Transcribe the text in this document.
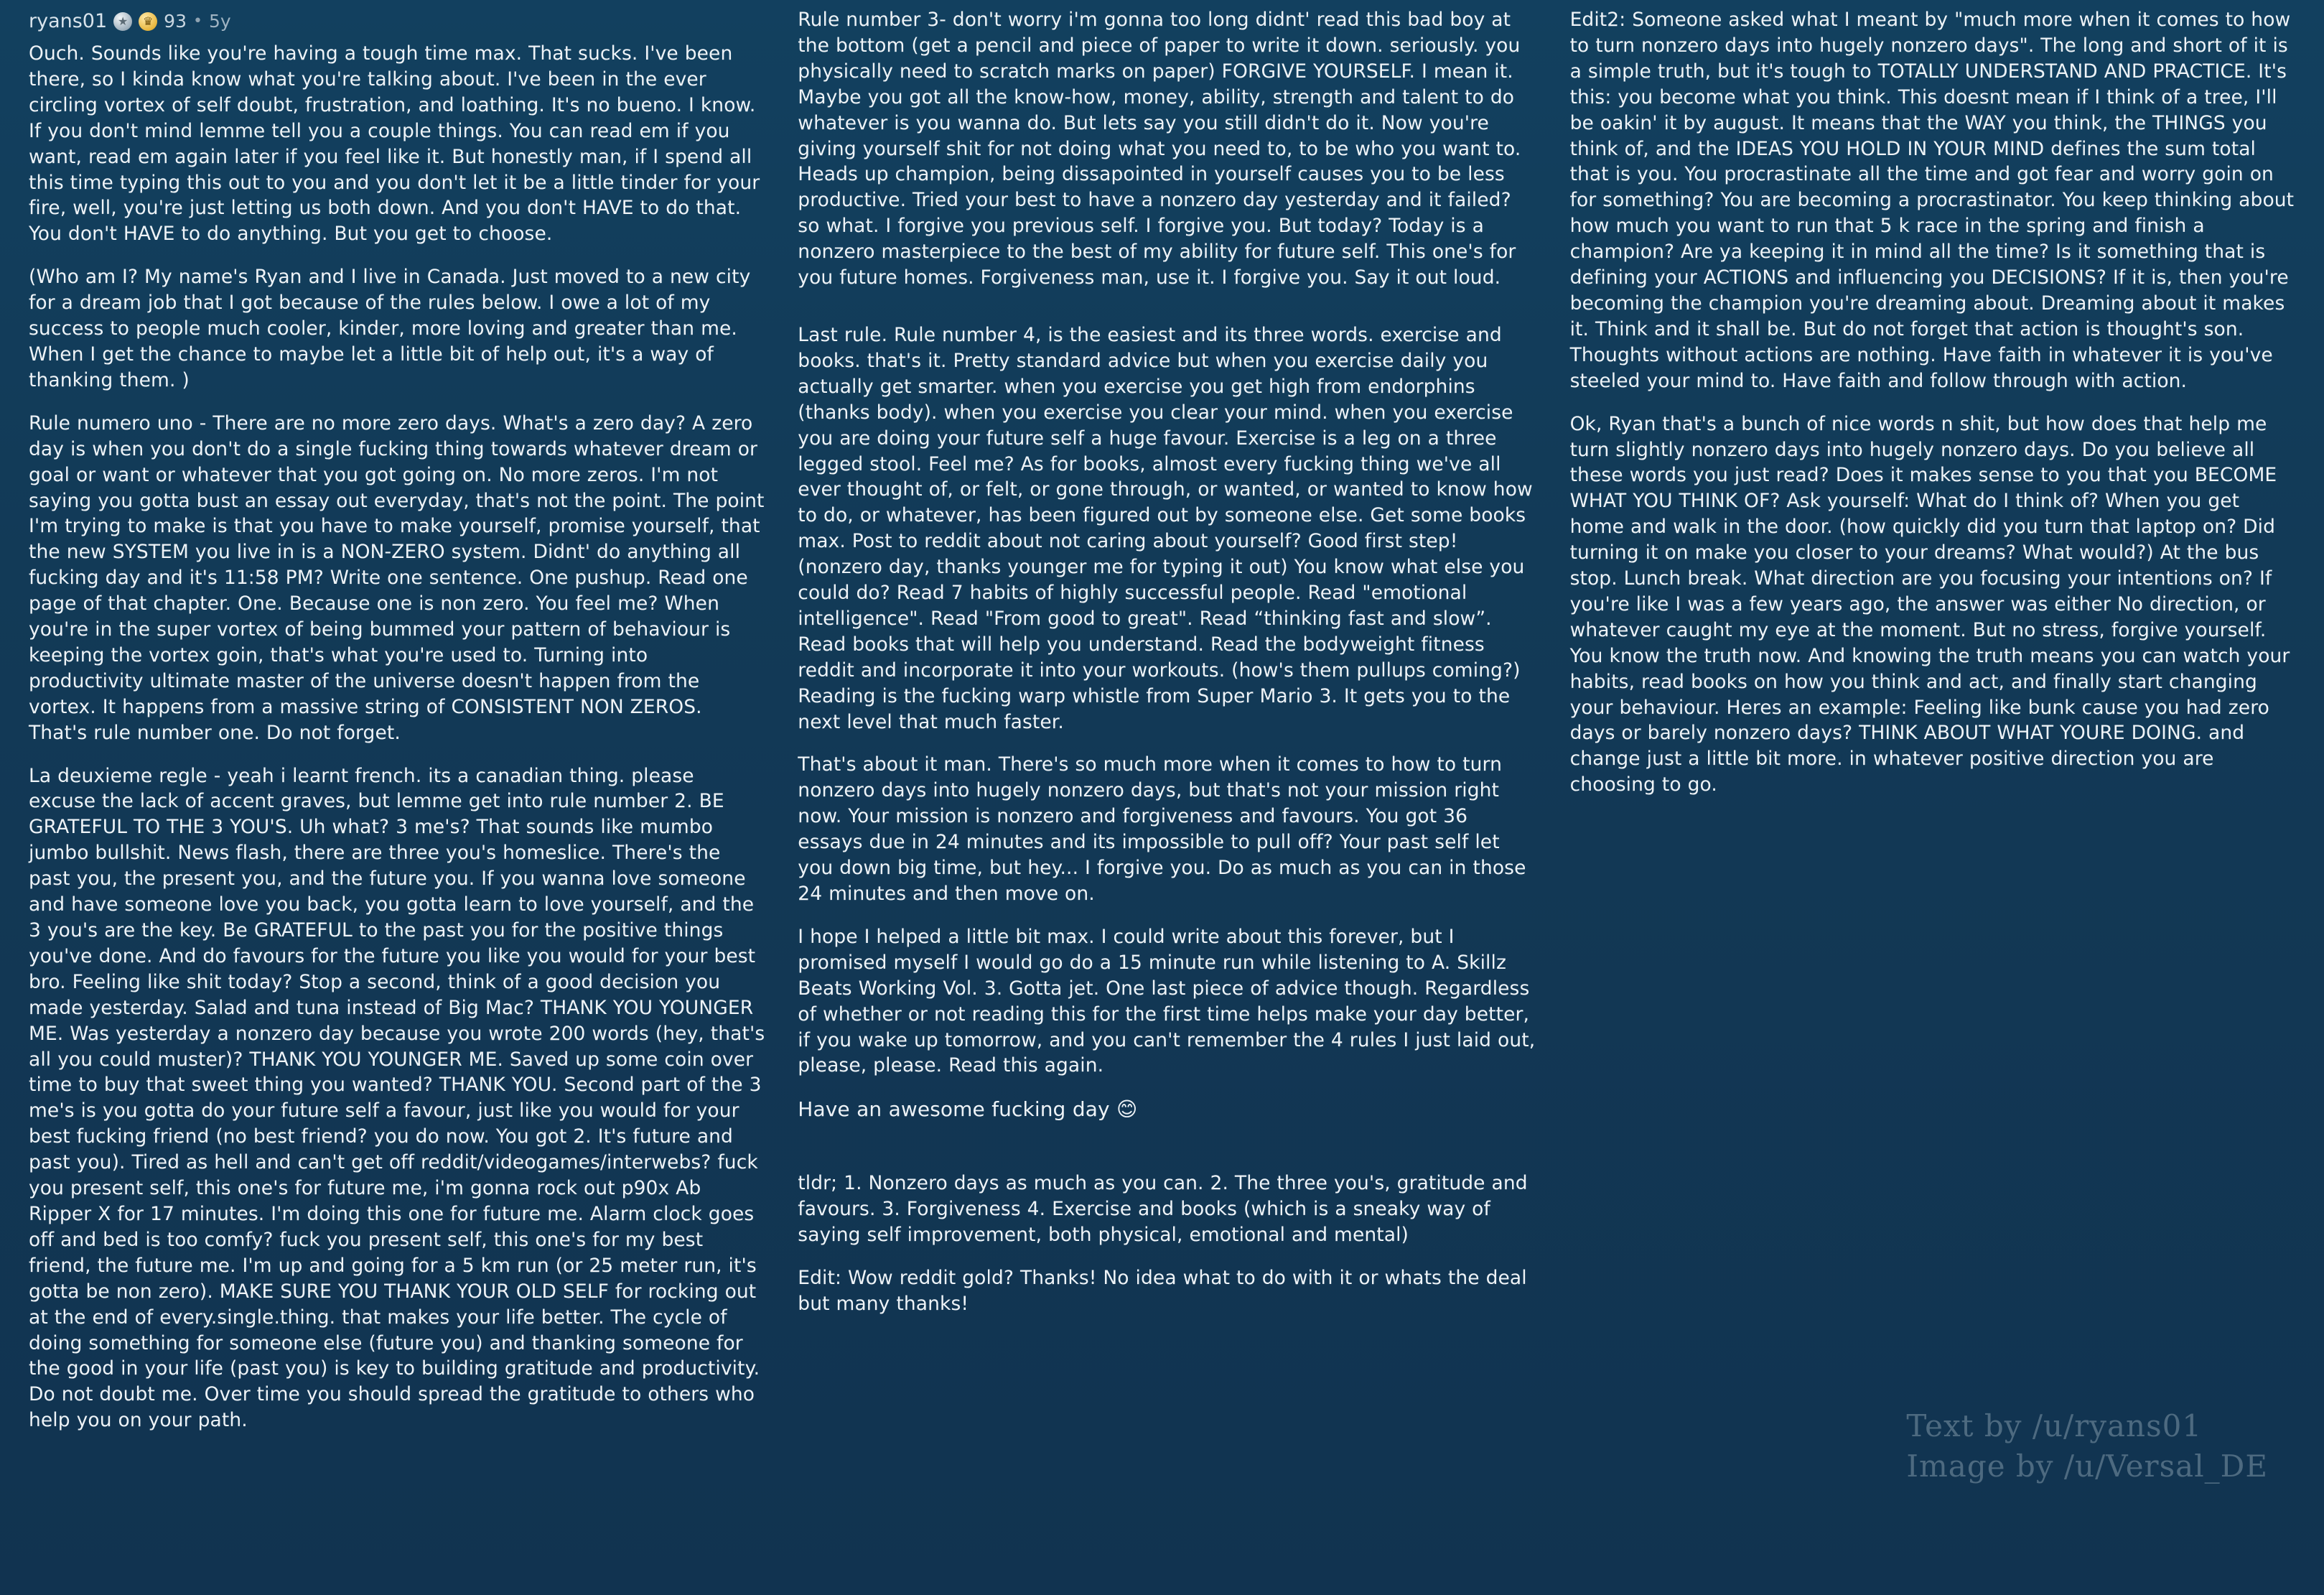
ryans01 ★	♛ 93 • 5y

Ouch. Sounds like you're having a tough time max. That sucks. I've been there, so I kinda know what you're talking about. I've been in the ever circling vortex of self doubt, frustration, and loathing. It's no bueno. I know. If you don't mind lemme tell you a couple things. You can read em if you want, read em again later if you feel like it. But honestly man, if I spend all this time typing this out to you and you don't let it be a little tinder for your fire, well, you're just letting us both down. And you don't HAVE to do that. You don't HAVE to do anything. But you get to choose.

(Who am I? My name's Ryan and I live in Canada. Just moved to a new city for a dream job that I got because of the rules below. I owe a lot of my success to people much cooler, kinder, more loving and greater than me. When I get the chance to maybe let a little bit of help out, it's a way of thanking them. )

Rule numero uno - There are no more zero days. What's a zero day? A zero day is when you don't do a single fucking thing towards whatever dream or goal or want or whatever that you got going on. No more zeros. I'm not saying you gotta bust an essay out everyday, that's not the point. The point I'm trying to make is that you have to make yourself, promise yourself, that the new SYSTEM you live in is a NON-ZERO system. Didnt' do anything all fucking day and it's 11:58 PM? Write one sentence. One pushup. Read one page of that chapter. One. Because one is non zero. You feel me? When you're in the super vortex of being bummed your pattern of behaviour is keeping the vortex goin, that's what you're used to. Turning into productivity ultimate master of the universe doesn't happen from the vortex. It happens from a massive string of CONSISTENT NON ZEROS. That's rule number one. Do not forget.

La deuxieme regle - yeah i learnt french. its a canadian thing. please excuse the lack of accent graves, but lemme get into rule number 2. BE GRATEFUL TO THE 3 YOU'S. Uh what? 3 me's? That sounds like mumbo jumbo bullshit. News flash, there are three you's homeslice. There's the past you, the present you, and the future you. If you wanna love someone and have someone love you back, you gotta learn to love yourself, and the 3 you's are the key. Be GRATEFUL to the past you for the positive things you've done. And do favours for the future you like you would for your best bro. Feeling like shit today? Stop a second, think of a good decision you made yesterday. Salad and tuna instead of Big Mac? THANK YOU YOUNGER ME. Was yesterday a nonzero day because you wrote 200 words (hey, that's all you could muster)? THANK YOU YOUNGER ME. Saved up some coin over time to buy that sweet thing you wanted? THANK YOU. Second part of the 3 me's is you gotta do your future self a favour, just like you would for your best fucking friend (no best friend? you do now. You got 2. It's future and past you). Tired as hell and can't get off reddit/videogames/interwebs? fuck you present self, this one's for future me, i'm gonna rock out p90x Ab Ripper X for 17 minutes. I'm doing this one for future me. Alarm clock goes off and bed is too comfy? fuck you present self, this one's for my best friend, the future me. I'm up and going for a 5 km run (or 25 meter run, it's gotta be non zero). MAKE SURE YOU THANK YOUR OLD SELF for rocking out at the end of every.single.thing. that makes your life better. The cycle of doing something for someone else (future you) and thanking someone for the good in your life (past you) is key to building gratitude and productivity. Do not doubt me. Over time you should spread the gratitude to others who help you on your path.

Rule number 3- don't worry i'm gonna too long didnt' read this bad boy at the bottom (get a pencil and piece of paper to write it down. seriously. you physically need to scratch marks on paper) FORGIVE YOURSELF. I mean it. Maybe you got all the know-how, money, ability, strength and talent to do whatever is you wanna do. But lets say you still didn't do it. Now you're giving yourself shit for not doing what you need to, to be who you want to. Heads up champion, being dissapointed in yourself causes you to be less productive. Tried your best to have a nonzero day yesterday and it failed? so what. I forgive you previous self. I forgive you. But today? Today is a nonzero masterpiece to the best of my ability for future self. This one's for you future homes. Forgiveness man, use it. I forgive you. Say it out loud.

Last rule. Rule number 4, is the easiest and its three words. exercise and books. that's it. Pretty standard advice but when you exercise daily you actually get smarter. when you exercise you get high from endorphins (thanks body). when you exercise you clear your mind. when you exercise you are doing your future self a huge favour. Exercise is a leg on a three legged stool. Feel me? As for books, almost every fucking thing we've all ever thought of, or felt, or gone through, or wanted, or wanted to know how to do, or whatever, has been figured out by someone else. Get some books max. Post to reddit about not caring about yourself? Good first step! (nonzero day, thanks younger me for typing it out) You know what else you could do? Read 7 habits of highly successful people. Read "emotional intelligence". Read "From good to great". Read “thinking fast and slow”. Read books that will help you understand. Read the bodyweight fitness reddit and incorporate it into your workouts. (how's them pullups coming?) Reading is the fucking warp whistle from Super Mario 3. It gets you to the next level that much faster.

That's about it man. There's so much more when it comes to how to turn nonzero days into hugely nonzero days, but that's not your mission right now. Your mission is nonzero and forgiveness and favours. You got 36 essays due in 24 minutes and its impossible to pull off? Your past self let you down big time, but hey... I forgive you. Do as much as you can in those 24 minutes and then move on.

I hope I helped a little bit max. I could write about this forever, but I promised myself I would go do a 15 minute run while listening to A. Skillz Beats Working Vol. 3. Gotta jet. One last piece of advice though. Regardless of whether or not reading this for the first time helps make your day better, if you wake up tomorrow, and you can't remember the 4 rules I just laid out, please, please. Read this again.

Have an awesome fucking day 😊

tldr; 1. Nonzero days as much as you can. 2. The three you's, gratitude and favours. 3. Forgiveness 4. Exercise and books (which is a sneaky way of saying self improvement, both physical, emotional and mental)

Edit: Wow reddit gold? Thanks! No idea what to do with it or whats the deal but many thanks!

Edit2: Someone asked what I meant by "much more when it comes to how to turn nonzero days into hugely nonzero days". The long and short of it is a simple truth, but it's tough to TOTALLY UNDERSTAND AND PRACTICE. It's this: you become what you think. This doesnt mean if I think of a tree, I'll be oakin' it by august. It means that the WAY you think, the THINGS you think of, and the IDEAS YOU HOLD IN YOUR MIND defines the sum total that is you. You procrastinate all the time and got fear and worry goin on for something? You are becoming a procrastinator. You keep thinking about how much you want to run that 5 k race in the spring and finish a champion? Are ya keeping it in mind all the time? Is it something that is defining your ACTIONS and influencing you DECISIONS? If it is, then you're becoming the champion you're dreaming about. Dreaming about it makes it. Think and it shall be. But do not forget that action is thought's son. Thoughts without actions are nothing. Have faith in whatever it is you've steeled your mind to. Have faith and follow through with action.

Ok, Ryan that's a bunch of nice words n shit, but how does that help me turn slightly nonzero days into hugely nonzero days. Do you believe all these words you just read? Does it makes sense to you that you BECOME WHAT YOU THINK OF? Ask yourself: What do I think of? When you get home and walk in the door. (how quickly did you turn that laptop on? Did turning it on make you closer to your dreams? What would?) At the bus stop. Lunch break. What direction are you focusing your intentions on? If you're like I was a few years ago, the answer was either No direction, or whatever caught my eye at the moment. But no stress, forgive yourself. You know the truth now. And knowing the truth means you can watch your habits, read books on how you think and act, and finally start changing your behaviour. Heres an example: Feeling like bunk cause you had zero days or barely nonzero days? THINK ABOUT WHAT YOURE DOING. and change just a little bit more. in whatever positive direction you are choosing to go.

Text by /u/ryans01
Image by /u/Versal_DE
